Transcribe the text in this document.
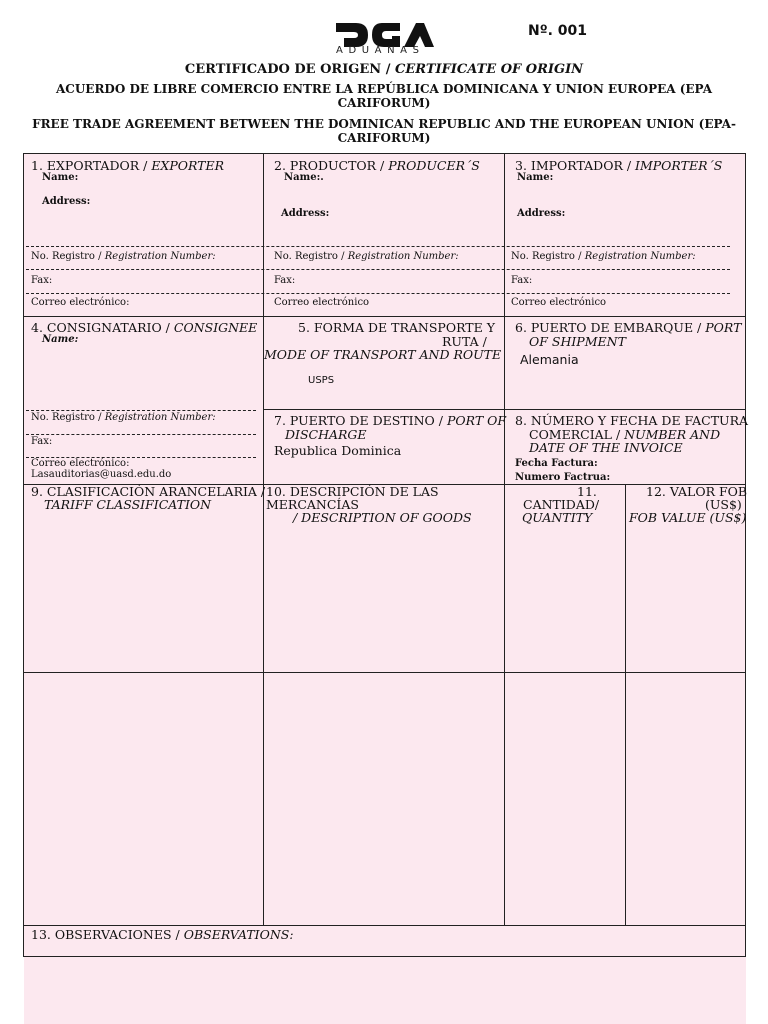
ADUANAS
Nº. 001
CERTIFICADO DE ORIGEN / CERTIFICATE OF ORIGIN
ACUERDO DE LIBRE COMERCIO ENTRE LA REPÚBLICA DOMINICANA Y UNION EUROPEA (EPA CARIFORUM)
FREE TRADE AGREEMENT BETWEEN THE DOMINICAN REPUBLIC AND THE EUROPEAN UNION (EPA-CARIFORUM)
1. EXPORTADOR / EXPORTER
Name:
Address:
No. Registro / Registration Number:
Fax:
Correo electrónico:
2. PRODUCTOR / PRODUCER´S
Name:.
Address:
No. Registro / Registration Number:
Fax:
Correo electrónico
3. IMPORTADOR / IMPORTER´S
Name:
Address:
No. Registro / Registration Number:
Fax:
Correo electrónico
4. CONSIGNATARIO / CONSIGNEE
Name:
No. Registro / Registration Number:
Fax:
Correo electrónico:
Lasauditorias@uasd.edu.do
5. FORMA DE TRANSPORTE Y
RUTA /
MODE OF TRANSPORT AND ROUTE
USPS
6. PUERTO DE EMBARQUE / PORT
OF SHIPMENT
Alemania
7. PUERTO DE DESTINO / PORT OF
DISCHARGE
Republica Dominica
8. NÚMERO Y FECHA DE FACTURA
COMERCIAL / NUMBER AND
DATE OF THE INVOICE
Fecha Factura:
Numero Factrua:
9. CLASIFICACIÓN ARANCELARIA /
TARIFF CLASSIFICATION
10. DESCRIPCIÓN DE LAS
MERCANCÍAS
/ DESCRIPTION OF GOODS
11.
CANTIDAD/
QUANTITY
12. VALOR FOB
(US$)
FOB VALUE (US$)
13. OBSERVACIONES / OBSERVATIONS:
